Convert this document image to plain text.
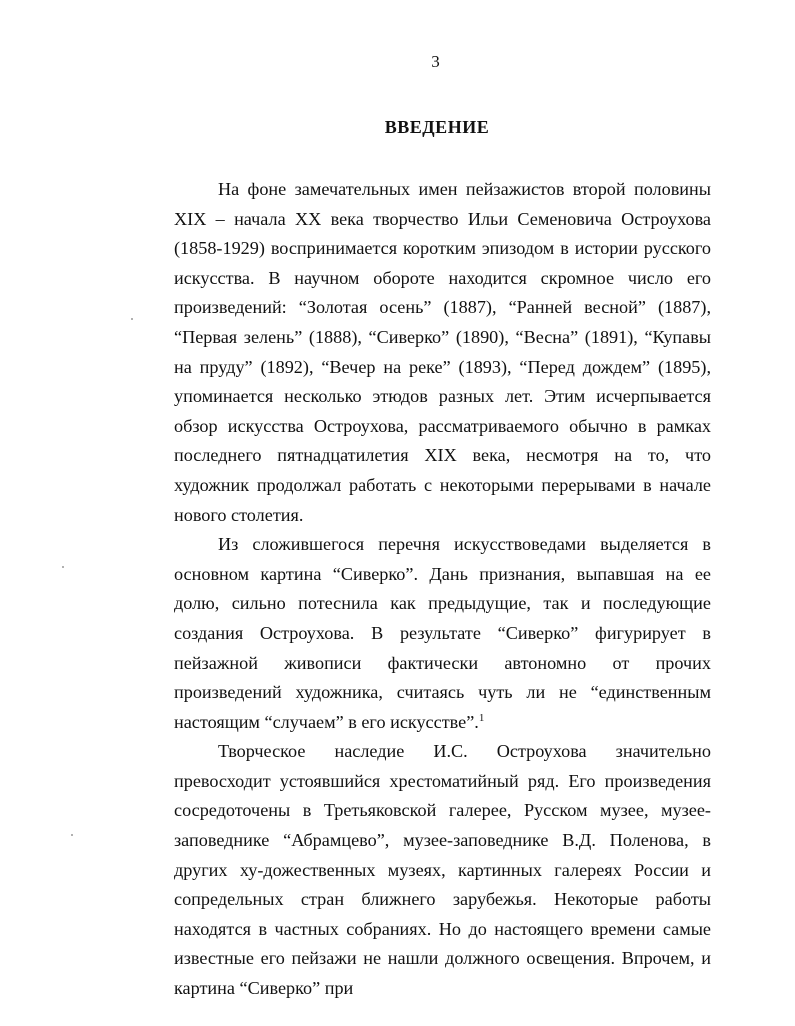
3
ВВЕДЕНИЕ

На фоне замечательных имен пейзажистов второй половины XIX – начала XX века творчество Ильи Семеновича Остроухова (1858-1929) воспринимается коротким эпизодом в истории русского искусства. В научном обороте находится скромное число его произведений: “Золотая осень” (1887), “Ранней весной” (1887), “Первая зелень” (1888), “Сиверко” (1890), “Весна” (1891), “Купавы на пруду” (1892), “Вечер на реке” (1893), “Перед дождем” (1895), упоминается несколько этюдов разных лет. Этим исчерпывается обзор искусства Остроухова, рассматриваемого обычно в рамках последнего пятнадцатилетия XIX века, несмотря на то, что художник продолжал работать с некоторыми перерывами в начале нового столетия.

Из сложившегося перечня искусствоведами выделяется в основном картина “Сиверко”. Дань признания, выпавшая на ее долю, сильно потеснила как предыдущие, так и последующие создания Остроухова. В результате “Сиверко” фигурирует в пейзажной живописи фактически автономно от прочих произведений художника, считаясь чуть ли не “единственным настоящим “случаем” в его искусстве”.$^1$

Творческое наследие И.С. Остроухова значительно превосходит устоявшийся хрестоматийный ряд. Его произведения сосредоточены в Третьяковской галерее, Русском музее, музее-заповеднике “Абрамцево”, музее-заповеднике В.Д. Поленова, в других ху-дожественных музеях, картинных галереях России и сопредельных стран ближнего зарубежья. Некоторые работы находятся в частных собраниях. Но до настоящего времени самые известные его пейзажи не нашли должного освещения. Впрочем, и картина “Сиверко” при
